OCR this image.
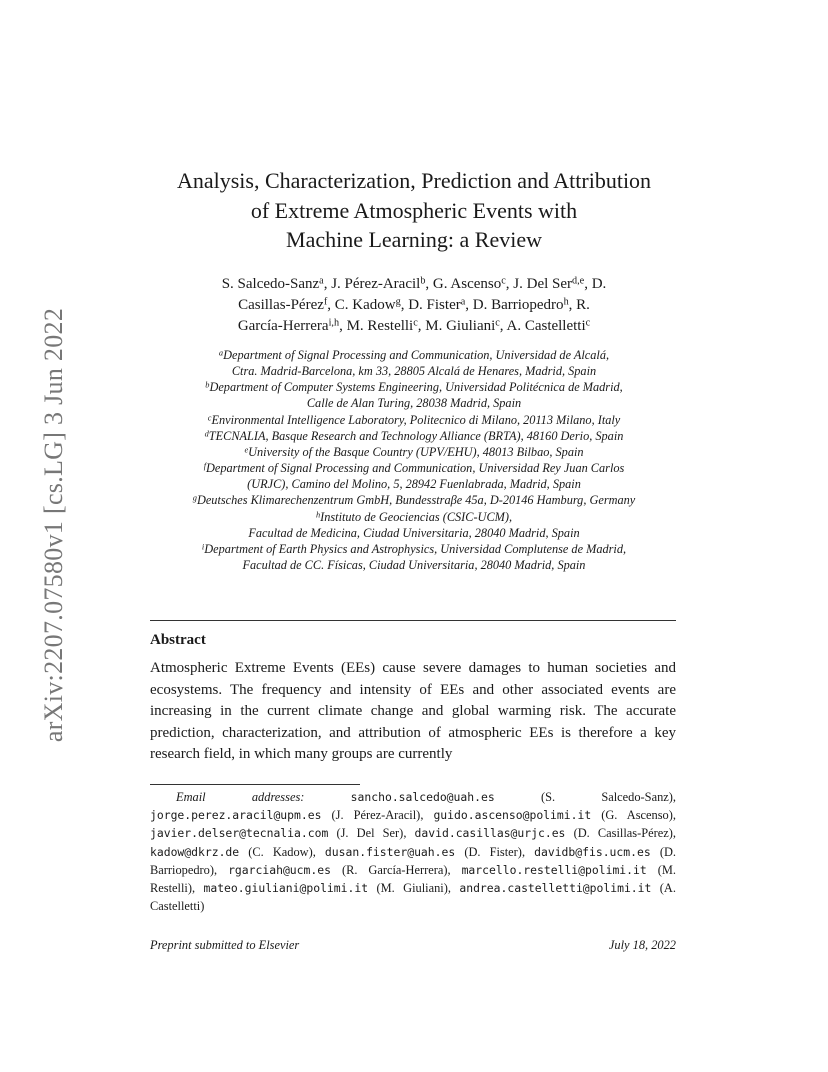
arXiv:2207.07580v1 [cs.LG] 3 Jun 2022
Analysis, Characterization, Prediction and Attribution
of Extreme Atmospheric Events with
Machine Learning: a Review
S. Salcedo-Sanz$^a$, J. Pérez-Aracil$^b$, G. Ascenso$^c$, J. Del Ser$^{d,e}$, D.
Casillas-Pérez$^f$, C. Kadow$^g$, D. Fister$^a$, D. Barriopedro$^h$, R.
García-Herrera$^{i,h}$, M. Restelli$^c$, M. Giuliani$^c$, A. Castelletti$^c$
$^a$Department of Signal Processing and Communication, Universidad de Alcalá,
Ctra. Madrid-Barcelona, km 33, 28805 Alcalá de Henares, Madrid, Spain
$^b$Department of Computer Systems Engineering, Universidad Politécnica de Madrid,
Calle de Alan Turing, 28038 Madrid, Spain
$^c$Environmental Intelligence Laboratory, Politecnico di Milano, 20113 Milano, Italy
$^d$TECNALIA, Basque Research and Technology Alliance (BRTA), 48160 Derio, Spain
$^e$University of the Basque Country (UPV/EHU), 48013 Bilbao, Spain
$^f$Department of Signal Processing and Communication, Universidad Rey Juan Carlos
(URJC), Camino del Molino, 5, 28942 Fuenlabrada, Madrid, Spain
$^g$Deutsches Klimarechenzentrum GmbH, Bundesstraβe 45a, D-20146 Hamburg, Germany
$^h$Instituto de Geociencias (CSIC-UCM),
Facultad de Medicina, Ciudad Universitaria, 28040 Madrid, Spain
$^i$Department of Earth Physics and Astrophysics, Universidad Complutense de Madrid,
Facultad de CC. Físicas, Ciudad Universitaria, 28040 Madrid, Spain
Abstract
Atmospheric Extreme Events (EEs) cause severe damages to human societies and ecosystems. The frequency and intensity of EEs and other associated events are increasing in the current climate change and global warming risk. The accurate prediction, characterization, and attribution of atmospheric EEs is therefore a key research field, in which many groups are currently
Email addresses:	sancho.salcedo@uah.es	(S. Salcedo-Sanz), jorge.perez.aracil@upm.es (J. Pérez-Aracil), guido.ascenso@polimi.it (G. Ascenso), javier.delser@tecnalia.com (J. Del Ser), david.casillas@urjc.es (D. Casillas-Pérez), kadow@dkrz.de (C. Kadow), dusan.fister@uah.es (D. Fister), davidb@fis.ucm.es (D. Barriopedro), rgarciah@ucm.es (R. García-Herrera), marcello.restelli@polimi.it (M. Restelli), mateo.giuliani@polimi.it (M. Giuliani), andrea.castelletti@polimi.it (A. Castelletti)
Preprint submitted to Elsevier	July 18, 2022
